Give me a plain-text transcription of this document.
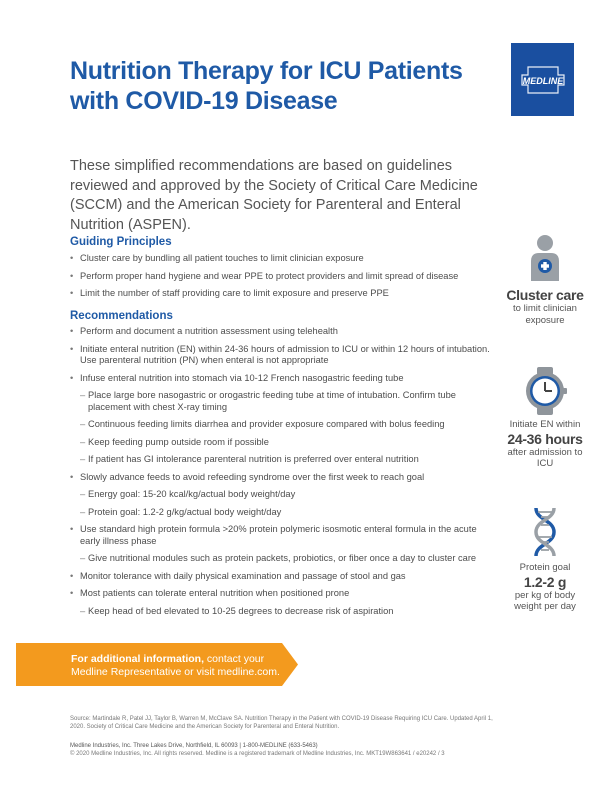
Nutrition Therapy for ICU Patients with COVID-19 Disease
MEDLINE
These simplified recommendations are based on guidelines reviewed and approved by the Society of Critical Care Medicine (SCCM) and the American Society for Parenteral and Enteral Nutrition (ASPEN).
Guiding Principles
• Cluster care by bundling all patient touches to limit clinician exposure
• Perform proper hand hygiene and wear PPE to protect providers and limit spread of disease
• Limit the number of staff providing care to limit exposure and preserve PPE
Recommendations
• Perform and document a nutrition assessment using telehealth
• Initiate enteral nutrition (EN) within 24-36 hours of admission to ICU or within 12 hours of intubation. Use parenteral nutrition (PN) when enteral is not appropriate
• Infuse enteral nutrition into stomach via 10-12 French nasogastric feeding tube
– Place large bore nasogastric or orogastric feeding tube at time of intubation. Confirm tube placement with chest X-ray timing
– Continuous feeding limits diarrhea and provider exposure compared with bolus feeding
– Keep feeding pump outside room if possible
– If patient has GI intolerance parenteral nutrition is preferred over enteral nutrition
• Slowly advance feeds to avoid refeeding syndrome over the first week to reach goal
– Energy goal: 15-20 kcal/kg/actual body weight/day
– Protein goal: 1.2-2 g/kg/actual body weight/day
• Use standard high protein formula >20% protein polymeric isosmotic enteral formula in the acute early illness phase
– Give nutritional modules such as protein packets, probiotics, or fiber once a day to cluster care
• Monitor tolerance with daily physical examination and passage of stool and gas
• Most patients can tolerate enteral nutrition when positioned prone
– Keep head of bed elevated to 10-25 degrees to decrease risk of aspiration
Cluster care
to limit clinician exposure
Initiate EN within
24-36 hours
after admission to ICU
Protein goal
1.2-2 g
per kg of body weight per day
For additional information, contact your Medline Representative or visit medline.com.
Source: Martindale R, Patel JJ, Taylor B, Warren M, McClave SA. Nutrition Therapy in the Patient with COVID-19 Disease Requiring ICU Care. Updated April 1, 2020. Society of Critical Care Medicine and the American Society for Parenteral and Enteral Nutrition.
Medline Industries, Inc. Three Lakes Drive, Northfield, IL 60093 | 1-800-MEDLINE (633-5463)
© 2020 Medline Industries, Inc. All rights reserved. Medline is a registered trademark of Medline Industries, Inc. MKT19W863641 / e20242 / 3
